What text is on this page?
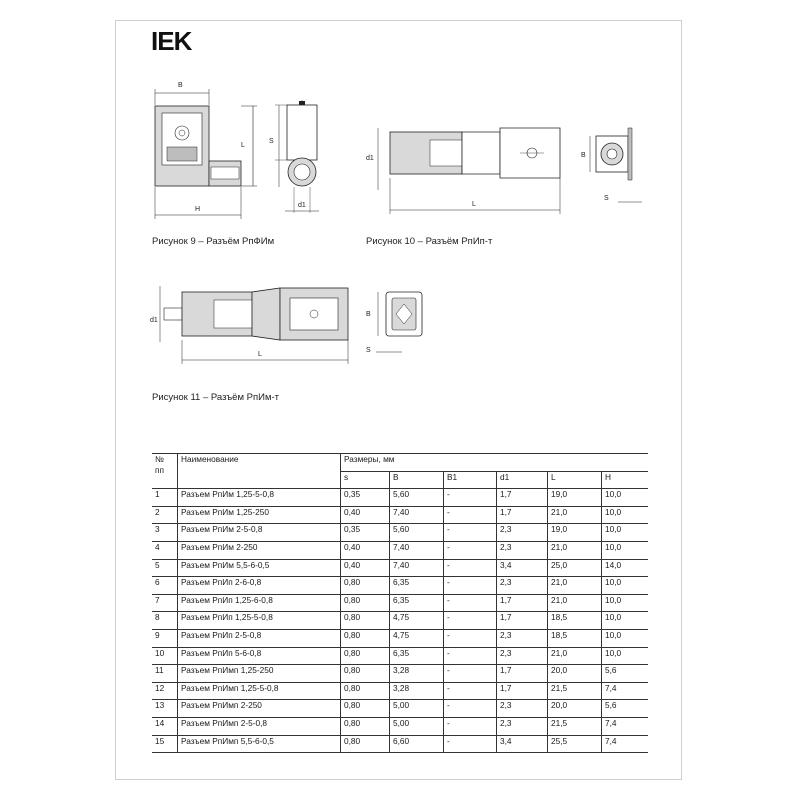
IEK
B
L
H
S
d1
Рисунок 9 – Разъём РпФИм
d1
L
B
S
Рисунок 10 – Разъём РпИп-т
d1
L
B
S
Рисунок 11 – Разъём РпИм-т
№ пп	Наименование	Размеры, мм					
		s	B	B1	d1	L	H
1	Разъем РпИм 1,25-5-0,8	0,35	5,60	-	1,7	19,0	10,0
2	Разъем РпИм 1,25-250	0,40	7,40	-	1,7	21,0	10,0
3	Разъем РпИм 2-5-0,8	0,35	5,60	-	2,3	19,0	10,0
4	Разъем РпИм 2-250	0,40	7,40	-	2,3	21,0	10,0
5	Разъем РпИм 5,5-6-0,5	0,40	7,40	-	3,4	25,0	14,0
6	Разъем РпИп 2-6-0,8	0,80	6,35	-	2,3	21,0	10,0
7	Разъем РпИп 1,25-6-0,8	0,80	6,35	-	1,7	21,0	10,0
8	Разъем РпИп 1,25-5-0,8	0,80	4,75	-	1,7	18,5	10,0
9	Разъем РпИп 2-5-0,8	0,80	4,75	-	2,3	18,5	10,0
10	Разъем РпИп 5-6-0,8	0,80	6,35	-	2,3	21,0	10,0
11	Разъем РпИмп 1,25-250	0,80	3,28	-	1,7	20,0	5,6
12	Разъем РпИмп 1,25-5-0,8	0,80	3,28	-	1,7	21,5	7,4
13	Разъем РпИмп 2-250	0,80	5,00	-	2,3	20,0	5,6
14	Разъем РпИмп 2-5-0,8	0,80	5,00	-	2,3	21,5	7,4
15	Разъем РпИмп 5,5-6-0,5	0,80	6,60	-	3,4	25,5	7,4
